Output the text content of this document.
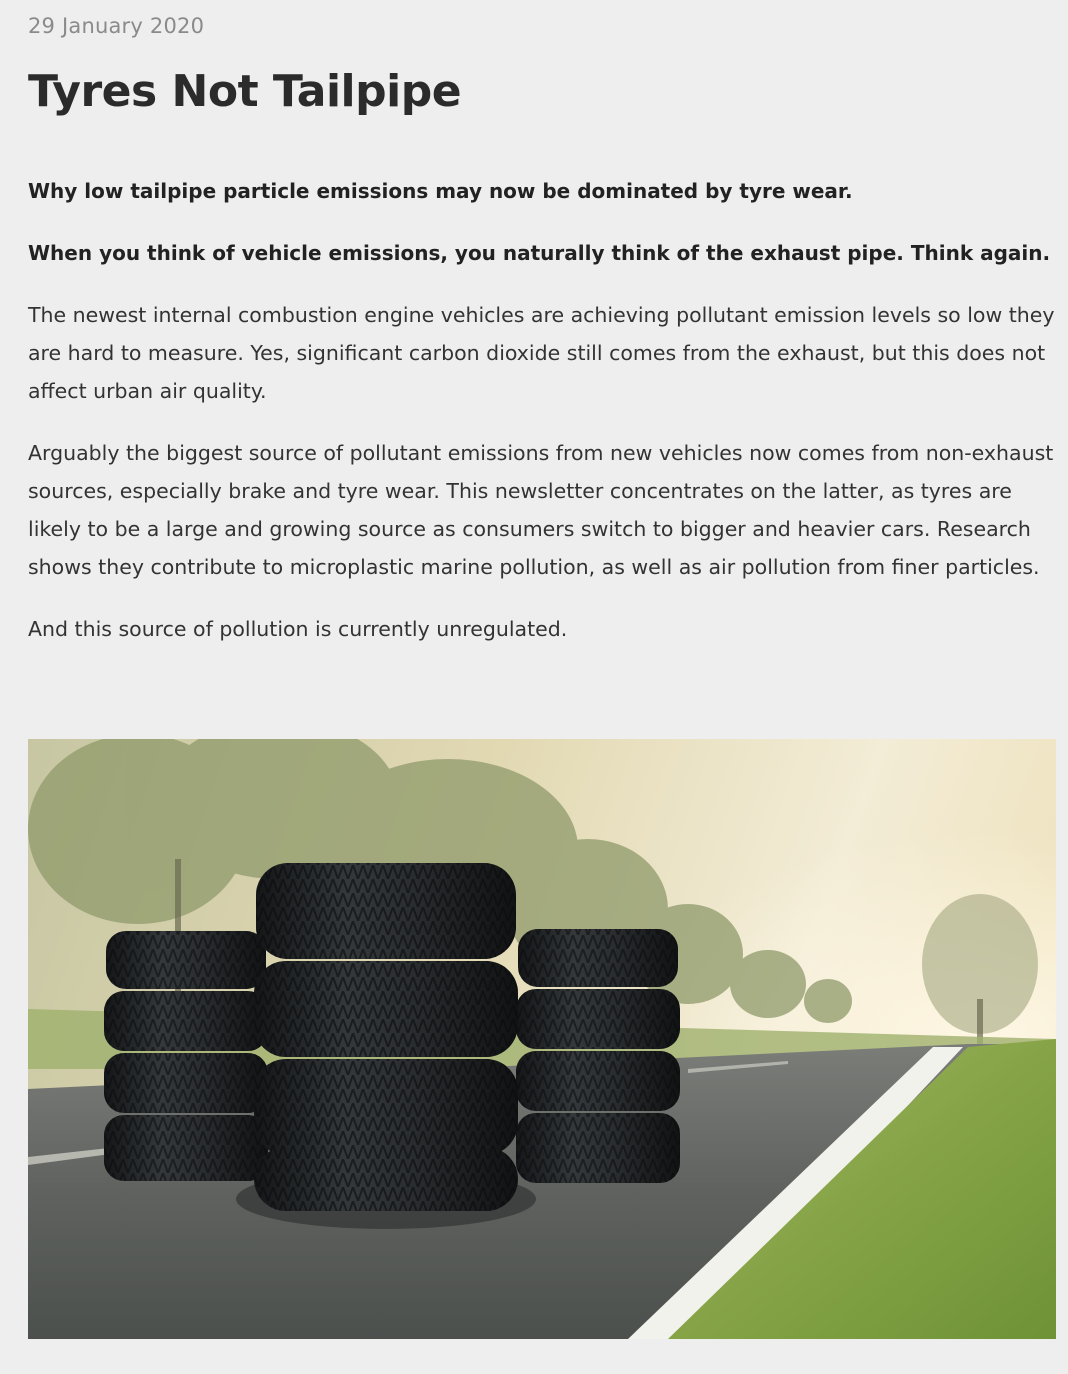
29 January 2020
Tyres Not Tailpipe

Why low tailpipe particle emissions may now be dominated by tyre wear.

When you think of vehicle emissions, you naturally think of the exhaust pipe. Think again.

The newest internal combustion engine vehicles are achieving pollutant emission levels so low they are hard to measure. Yes, significant carbon dioxide still comes from the exhaust, but this does not affect urban air quality.

Arguably the biggest source of pollutant emissions from new vehicles now comes from non-exhaust sources, especially brake and tyre wear. This newsletter concentrates on the latter, as tyres are likely to be a large and growing source as consumers switch to bigger and heavier cars. Research shows they contribute to microplastic marine pollution, as well as air pollution from finer particles.

And this source of pollution is currently unregulated.
